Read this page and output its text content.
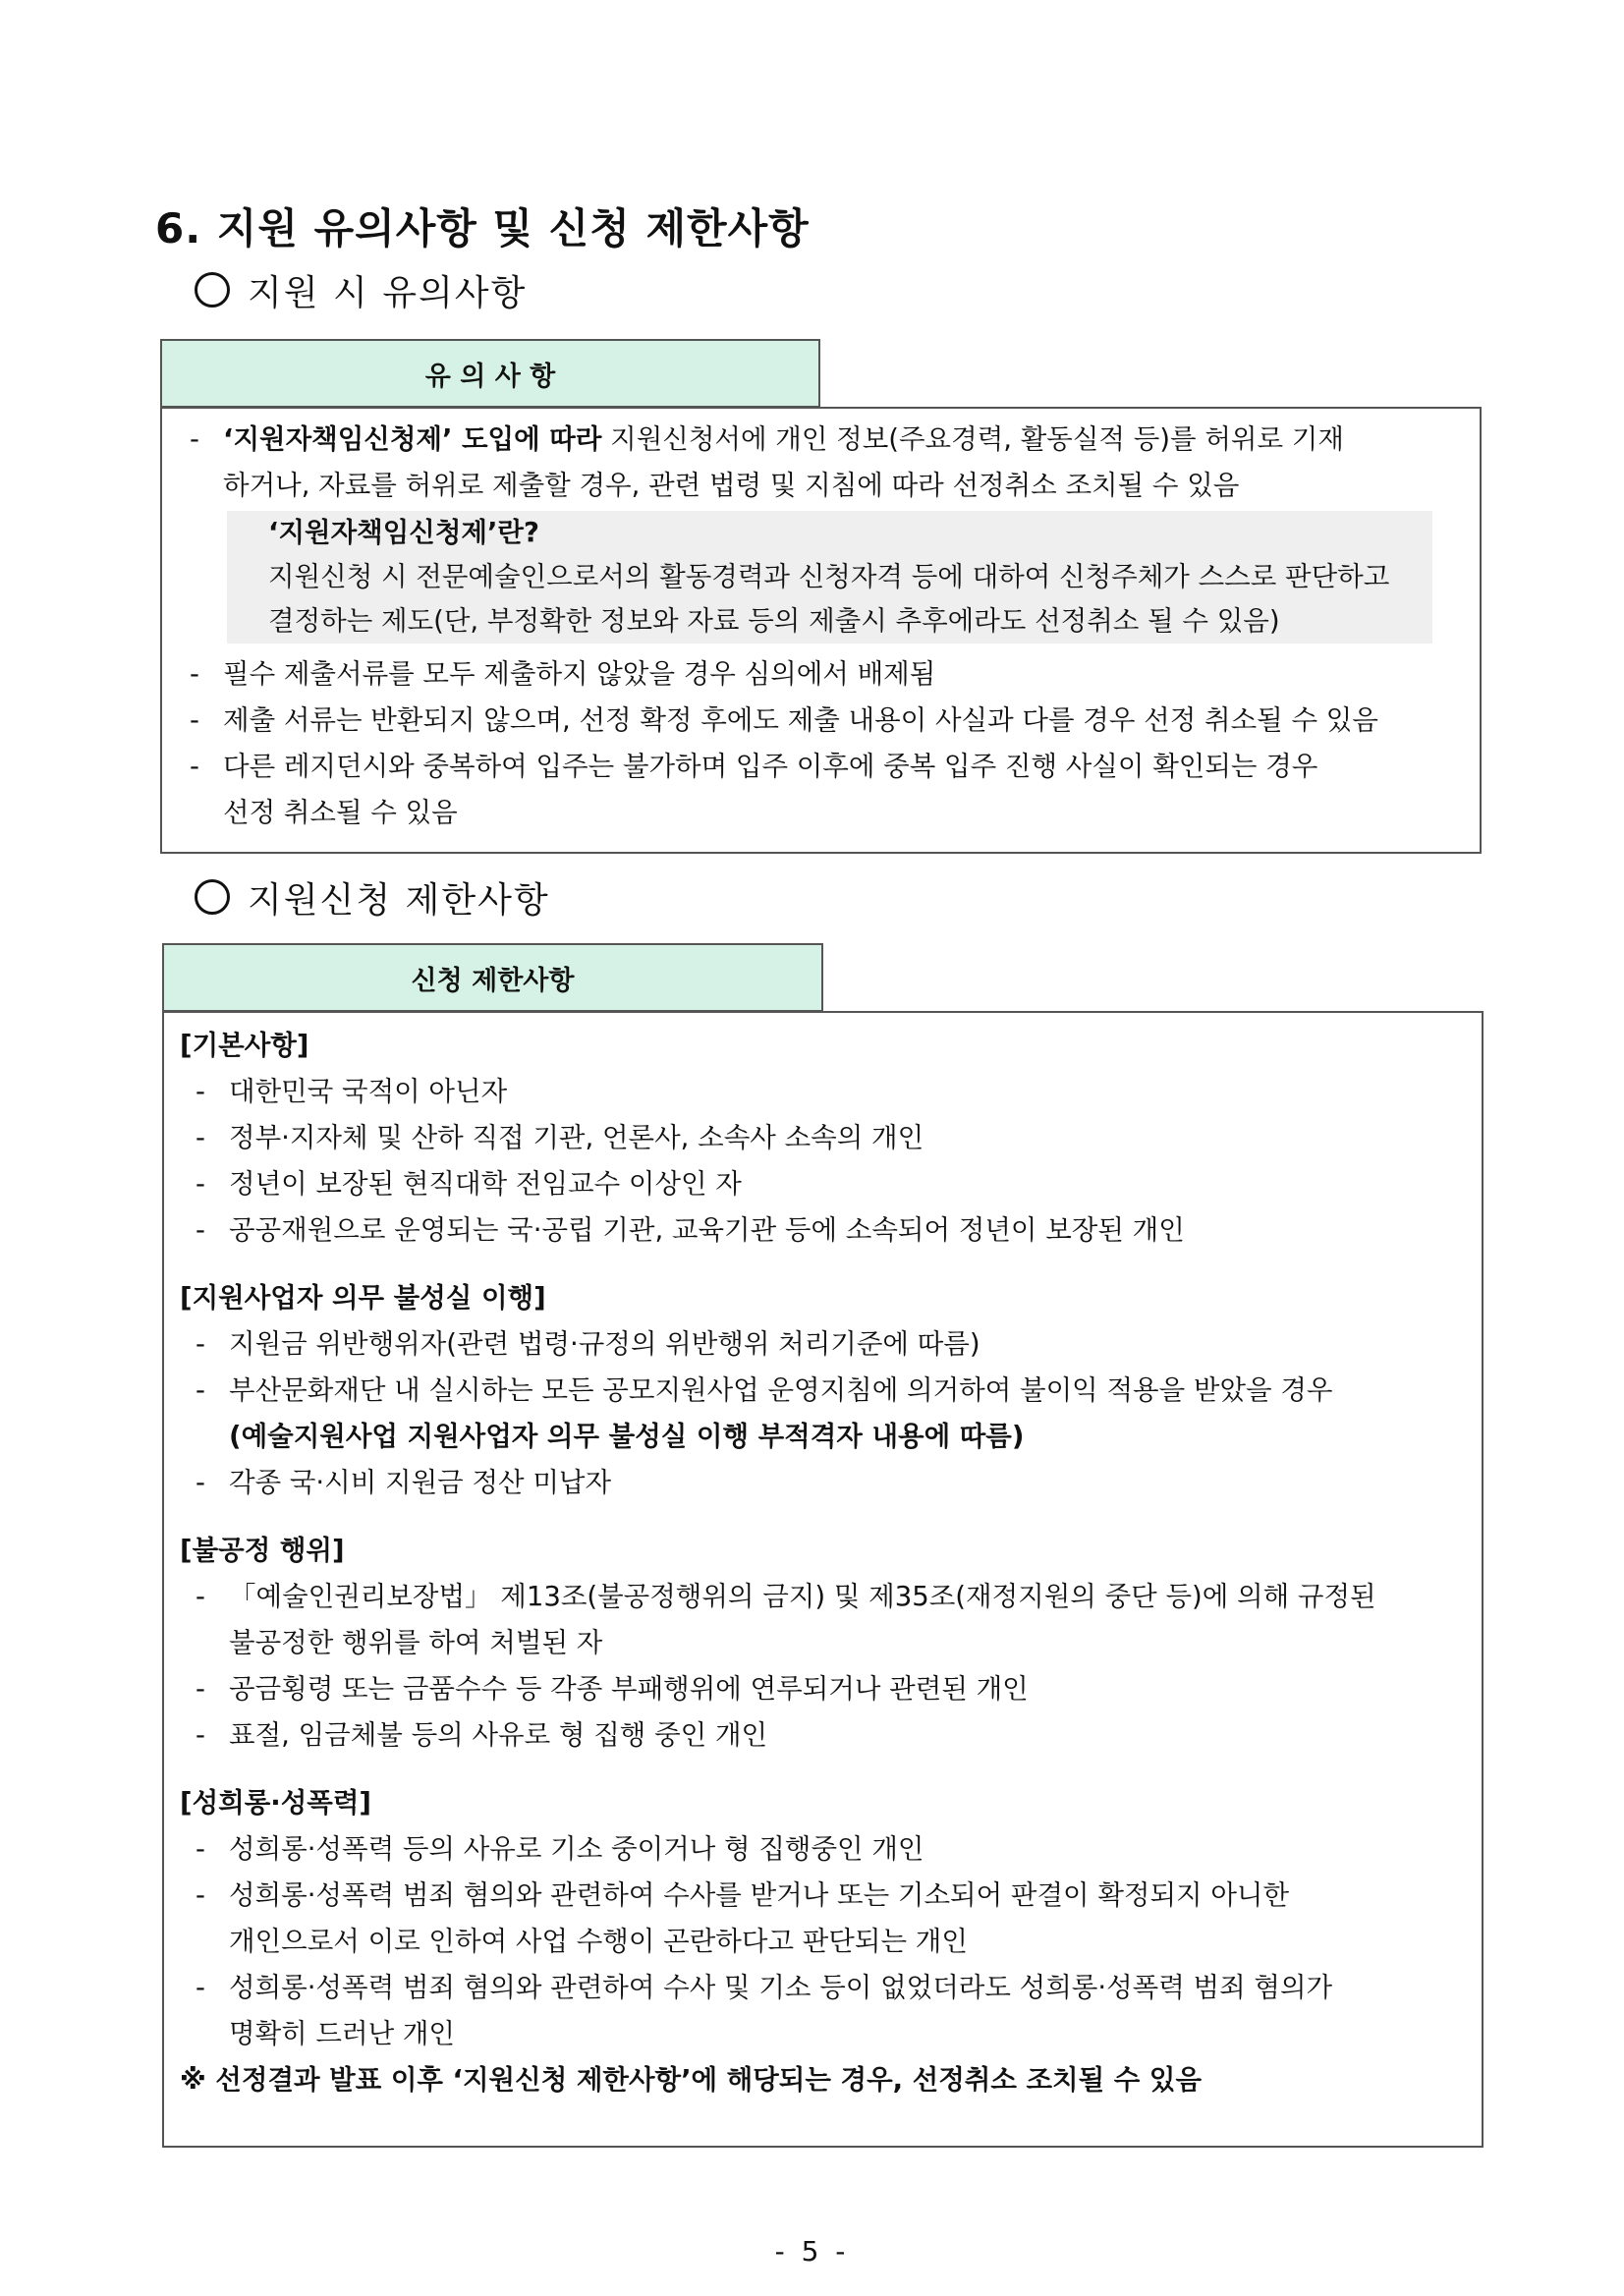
6. 지원 유의사항 및 신청 제한사항
지원 시 유의사항
유 의 사 항
- ‘지원자책임신청제’ 도입에 따라 지원신청서에 개인 정보(주요경력, 활동실적 등)를 허위로 기재
하거나, 자료를 허위로 제출할 경우, 관련 법령 및 지침에 따라 선정취소 조치될 수 있음
‘지원자책임신청제’란?
지원신청 시 전문예술인으로서의 활동경력과 신청자격 등에 대하여 신청주체가 스스로 판단하고
결정하는 제도(단, 부정확한 정보와 자료 등의 제출시 추후에라도 선정취소 될 수 있음)
- 필수 제출서류를 모두 제출하지 않았을 경우 심의에서 배제됨
- 제출 서류는 반환되지 않으며, 선정 확정 후에도 제출 내용이 사실과 다를 경우 선정 취소될 수 있음
- 다른 레지던시와 중복하여 입주는 불가하며 입주 이후에 중복 입주 진행 사실이 확인되는 경우
선정 취소될 수 있음
지원신청 제한사항
신청 제한사항
[기본사항]
- 대한민국 국적이 아닌자
- 정부·지자체 및 산하 직접 기관, 언론사, 소속사 소속의 개인
- 정년이 보장된 현직대학 전임교수 이상인 자
- 공공재원으로 운영되는 국·공립 기관, 교육기관 등에 소속되어 정년이 보장된 개인
[지원사업자 의무 불성실 이행]
- 지원금 위반행위자(관련 법령·규정의 위반행위 처리기준에 따름)
- 부산문화재단 내 실시하는 모든 공모지원사업 운영지침에 의거하여 불이익 적용을 받았을 경우
(예술지원사업 지원사업자 의무 불성실 이행 부적격자 내용에 따름)
- 각종 국·시비 지원금 정산 미납자
[불공정 행위]
- 「예술인권리보장법」 제13조(불공정행위의 금지) 및 제35조(재정지원의 중단 등)에 의해 규정된
불공정한 행위를 하여 처벌된 자
- 공금횡령 또는 금품수수 등 각종 부패행위에 연루되거나 관련된 개인
- 표절, 임금체불 등의 사유로 형 집행 중인 개인
[성희롱·성폭력]
- 성희롱·성폭력 등의 사유로 기소 중이거나 형 집행중인 개인
- 성희롱·성폭력 범죄 혐의와 관련하여 수사를 받거나 또는 기소되어 판결이 확정되지 아니한
개인으로서 이로 인하여 사업 수행이 곤란하다고 판단되는 개인
- 성희롱·성폭력 범죄 혐의와 관련하여 수사 및 기소 등이 없었더라도 성희롱·성폭력 범죄 혐의가
명확히 드러난 개인
※ 선정결과 발표 이후 ‘지원신청 제한사항’에 해당되는 경우, 선정취소 조치될 수 있음
- 5 -
